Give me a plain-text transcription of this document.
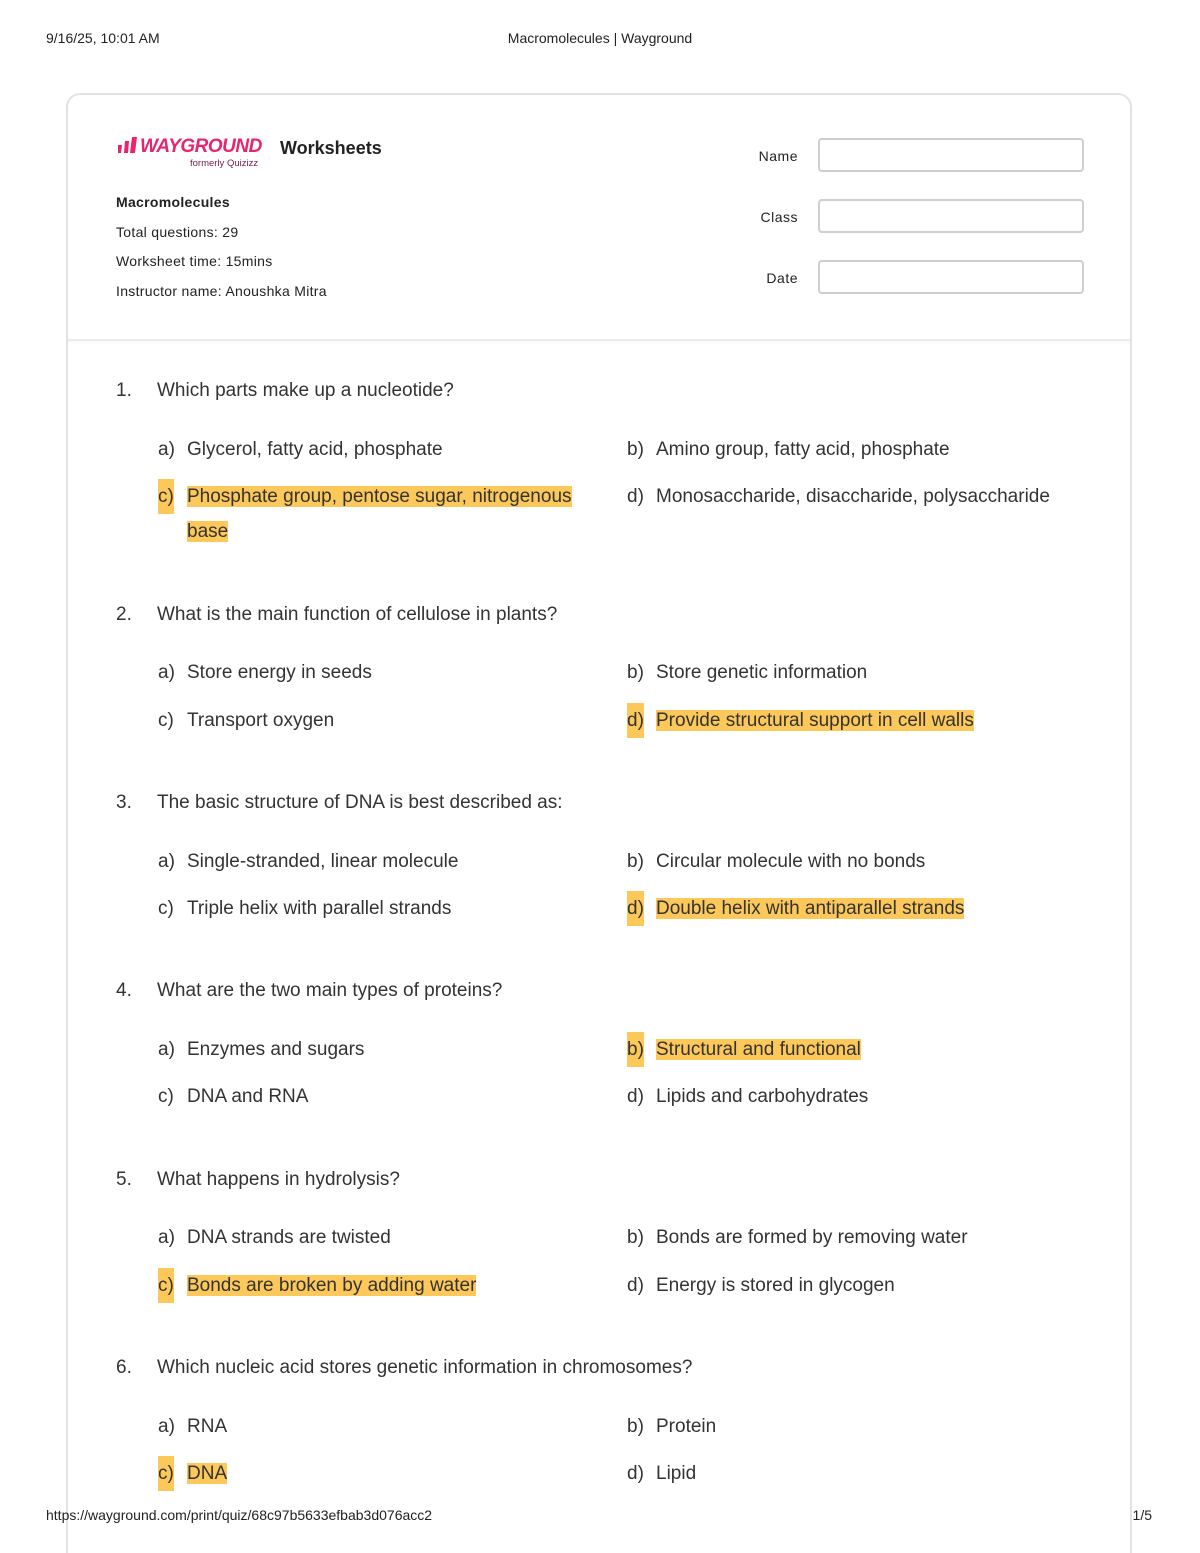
9/16/25, 10:01 AM	Macromolecules | Wayground
WAYGROUND
formerly Quizizz
Worksheets
Macromolecules
Total questions: 29
Worksheet time: 15mins
Instructor name: Anoushka Mitra
Name
Class
Date
1. Which parts make up a nucleotide?
a) Glycerol, fatty acid, phosphate	b) Amino group, fatty acid, phosphate
c) Phosphate group, pentose sugar, nitrogenous
base
d) Monosaccharide, disaccharide, polysaccharide
2. What is the main function of cellulose in plants?
a) Store energy in seeds	b) Store genetic information
c) Transport oxygen	d) Provide structural support in cell walls
3. The basic structure of DNA is best described as:
a) Single-stranded, linear molecule	b) Circular molecule with no bonds
c) Triple helix with parallel strands	d) Double helix with antiparallel strands
4. What are the two main types of proteins?
a) Enzymes and sugars	b) Structural and functional
c) DNA and RNA	d) Lipids and carbohydrates
5. What happens in hydrolysis?
a) DNA strands are twisted	b) Bonds are formed by removing water
c) Bonds are broken by adding water	d) Energy is stored in glycogen
6. Which nucleic acid stores genetic information in chromosomes?
a) RNA	b) Protein
c) DNA	d) Lipid
https://wayground.com/print/quiz/68c97b5633efbab3d076acc2	1/5
